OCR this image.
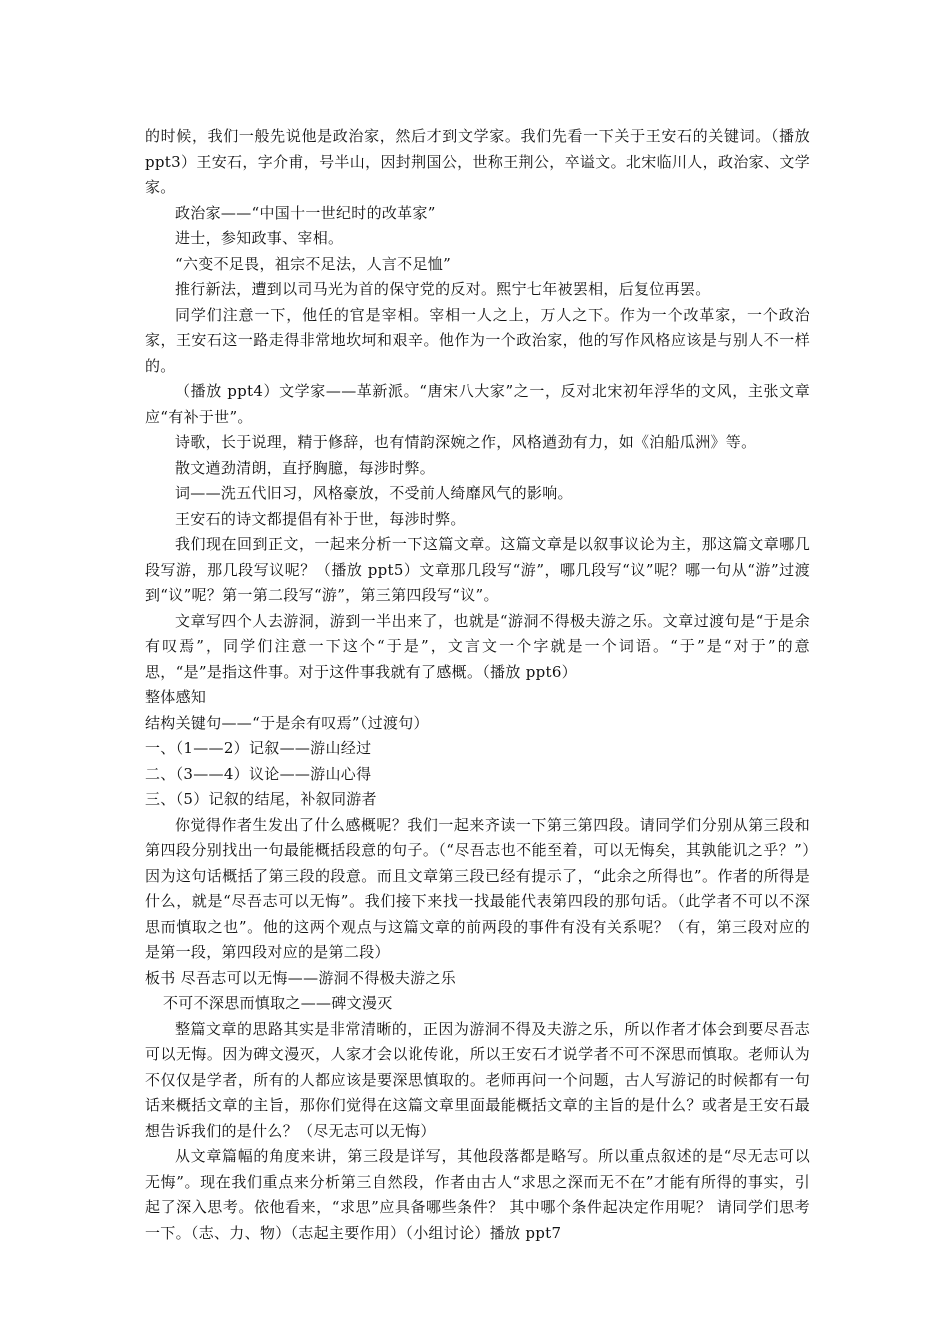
的时候，我们一般先说他是政治家，然后才到文学家。我们先看一下关于王安石的关键词。（播放 ppt3）王安石，字介甫，号半山，因封荆国公，世称王荆公，卒谥文。北宋临川人，政治家、文学家。

政治家——“中国十一世纪时的改革家”

进士，参知政事、宰相。

“六变不足畏，祖宗不足法，人言不足恤”

推行新法，遭到以司马光为首的保守党的反对。熙宁七年被罢相，后复位再罢。

同学们注意一下，他任的官是宰相。宰相一人之上，万人之下。作为一个改革家，一个政治家，王安石这一路走得非常地坎坷和艰辛。他作为一个政治家，他的写作风格应该是与别人不一样的。

（播放 ppt4）文学家——革新派。“唐宋八大家”之一，反对北宋初年浮华的文风，主张文章应“有补于世”。

诗歌，长于说理，精于修辞，也有情韵深婉之作，风格遒劲有力，如《泊船瓜洲》等。

散文遒劲清朗，直抒胸臆，每涉时弊。

词——洗五代旧习，风格豪放，不受前人绮靡风气的影响。

王安石的诗文都提倡有补于世，每涉时弊。

我们现在回到正文，一起来分析一下这篇文章。这篇文章是以叙事议论为主，那这篇文章哪几段写游，那几段写议呢？（播放 ppt5）文章那几段写“游”，哪几段写“议”呢？哪一句从“游”过渡到“议”呢？第一第二段写“游”，第三第四段写“议”。

文章写四个人去游洞，游到一半出来了，也就是“游洞不得极夫游之乐。文章过渡句是“于是余有叹焉”，同学们注意一下这个“于是”，文言文一个字就是一个词语。“于”是“对于”的意思，“是”是指这件事。对于这件事我就有了感概。（播放 ppt6）

整体感知

结构关键句——“于是余有叹焉”（过渡句）

一、（1——2）记叙——游山经过

二、（3——4）议论——游山心得

三、（5）记叙的结尾，补叙同游者

你觉得作者生发出了什么感概呢？我们一起来齐读一下第三第四段。请同学们分别从第三段和第四段分别找出一句最能概括段意的句子。（“尽吾志也不能至着，可以无悔矣，其孰能讥之乎？”）因为这句话概括了第三段的段意。而且文章第三段已经有提示了，“此余之所得也”。作者的所得是什么，就是“尽吾志可以无悔”。我们接下来找一找最能代表第四段的那句话。（此学者不可以不深思而慎取之也”。他的这两个观点与这篇文章的前两段的事件有没有关系呢？（有，第三段对应的是第一段，第四段对应的是第二段）

板书 尽吾志可以无悔——游洞不得极夫游之乐

不可不深思而慎取之——碑文漫灭

整篇文章的思路其实是非常清晰的，正因为游洞不得及夫游之乐，所以作者才体会到要尽吾志可以无悔。因为碑文漫灭，人家才会以讹传讹，所以王安石才说学者不可不深思而慎取。老师认为不仅仅是学者，所有的人都应该是要深思慎取的。老师再问一个问题，古人写游记的时候都有一句话来概括文章的主旨，那你们觉得在这篇文章里面最能概括文章的主旨的是什么？或者是王安石最想告诉我们的是什么？（尽无志可以无悔）

从文章篇幅的角度来讲，第三段是详写，其他段落都是略写。所以重点叙述的是“尽无志可以无悔”。现在我们重点来分析第三自然段，作者由古人“求思之深而无不在”才能有所得的事实，引起了深入思考。依他看来，“求思”应具备哪些条件？ 其中哪个条件起决定作用呢？ 请同学们思考一下。（志、力、物）（志起主要作用）（小组讨论）播放 ppt7
